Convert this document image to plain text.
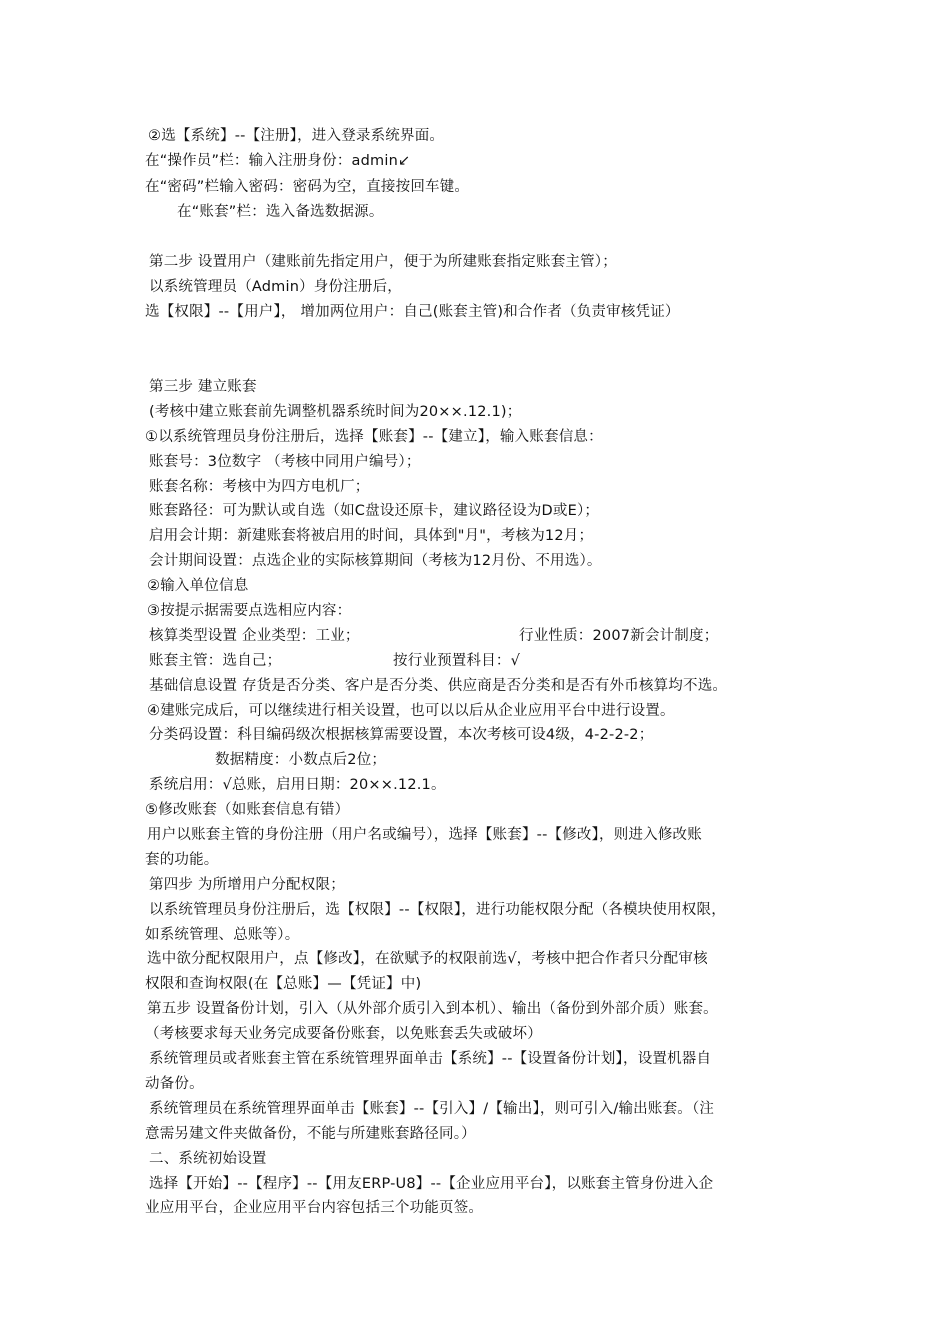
②选【系统】--【注册】，进入登录系统界面。
在“操作员”栏：输入注册身份：admin↙
在“密码”栏输入密码：密码为空，直接按回车键。
在“账套”栏：选入备选数据源。
第二步 设置用户（建账前先指定用户，便于为所建账套指定账套主管）；
以系统管理员（Admin）身份注册后，
选【权限】--【用户】， 增加两位用户：自己(账套主管)和合作者（负责审核凭证）
第三步 建立账套
(考核中建立账套前先调整机器系统时间为20××.12.1)；
①以系统管理员身份注册后，选择【账套】--【建立】，输入账套信息：
账套号：3位数字 （考核中同用户编号）；
账套名称：考核中为四方电机厂；
账套路径：可为默认或自选（如C盘设还原卡，建议路径设为D或E）；
启用会计期：新建账套将被启用的时间，具体到"月"，考核为12月；
会计期间设置：点选企业的实际核算期间（考核为12月份、不用选）。
②输入单位信息
③按提示据需要点选相应内容：
核算类型设置 企业类型：工业；	行业性质：2007新会计制度；
账套主管：选自己；	按行业预置科目：√
基础信息设置 存货是否分类、客户是否分类、供应商是否分类和是否有外币核算均不选。
④建账完成后，可以继续进行相关设置，也可以以后从企业应用平台中进行设置。
分类码设置：科目编码级次根据核算需要设置，本次考核可设4级，4-2-2-2；
数据精度：小数点后2位；
系统启用：√总账，启用日期：20××.12.1。
⑤修改账套（如账套信息有错）
用户以账套主管的身份注册（用户名或编号），选择【账套】--【修改】，则进入修改账
套的功能。
第四步 为所增用户分配权限；
以系统管理员身份注册后，选【权限】--【权限】，进行功能权限分配（各模块使用权限，
如系统管理、总账等）。
选中欲分配权限用户，点【修改】，在欲赋予的权限前选√，考核中把合作者只分配审核
权限和查询权限(在【总账】—【凭证】中)
第五步 设置备份计划，引入（从外部介质引入到本机）、输出（备份到外部介质）账套。
（考核要求每天业务完成要备份账套，以免账套丢失或破坏）
系统管理员或者账套主管在系统管理界面单击【系统】--【设置备份计划】，设置机器自
动备份。
系统管理员在系统管理界面单击【账套】--【引入】/【输出】，则可引入/输出账套。（注
意需另建文件夹做备份，不能与所建账套路径同。）
二、系统初始设置
选择【开始】--【程序】--【用友ERP-U8】--【企业应用平台】，以账套主管身份进入企
业应用平台，企业应用平台内容包括三个功能页签。
